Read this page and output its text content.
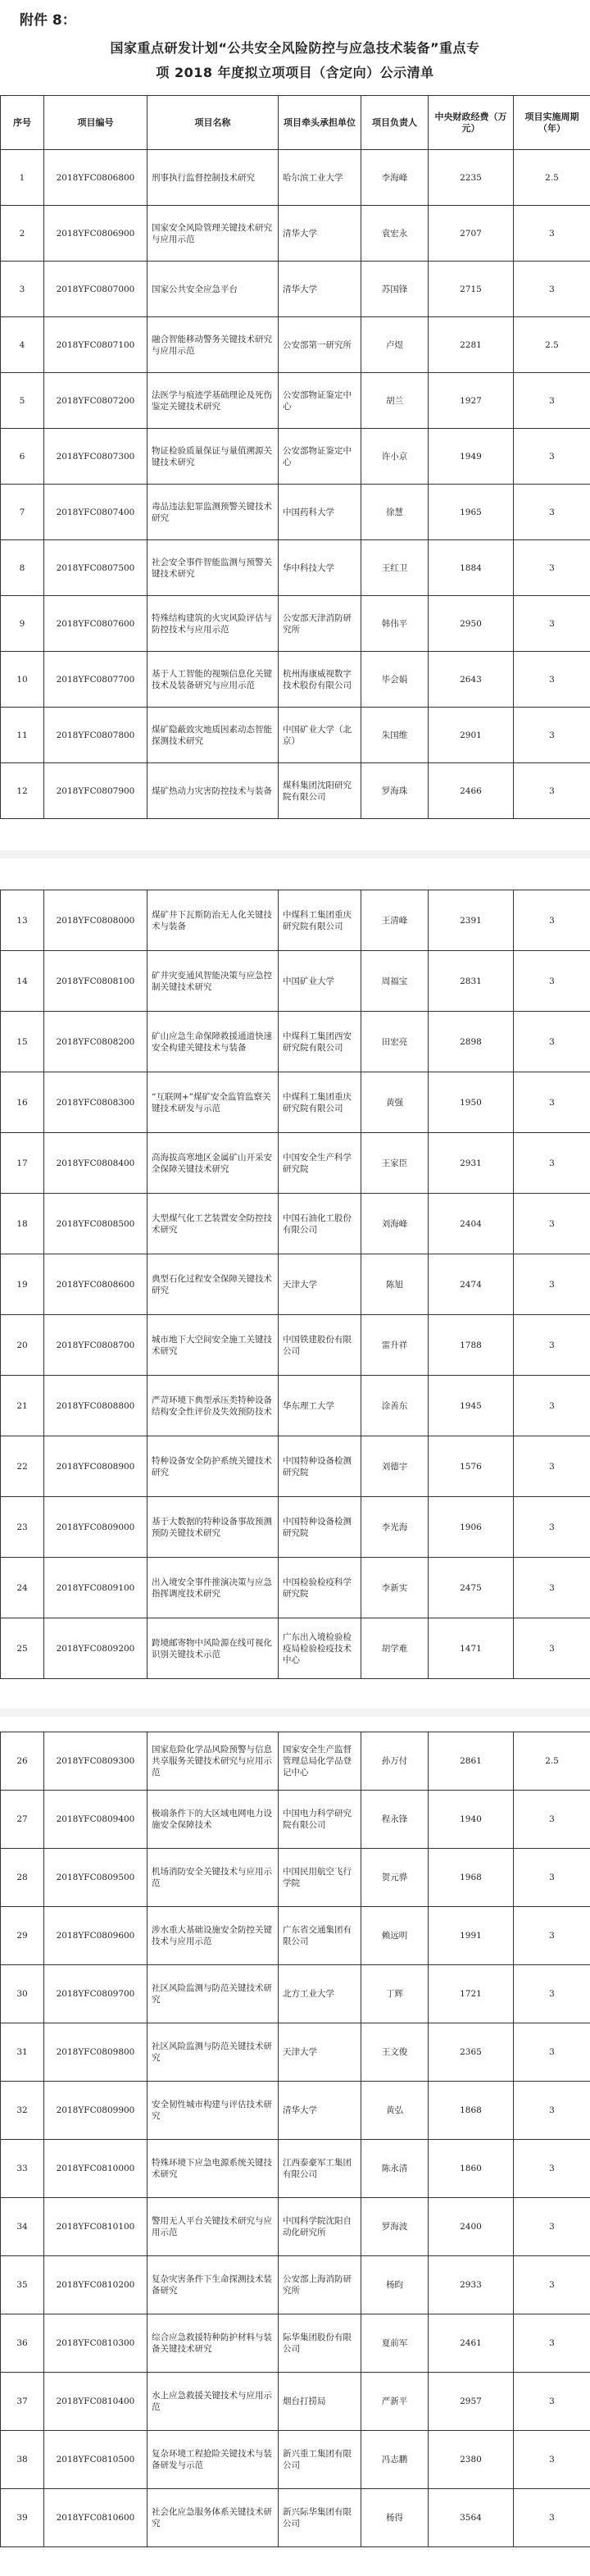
附件 8：
国家重点研发计划“公共安全风险防控与应急技术装备”重点专
项 2018 年度拟立项项目（含定向）公示清单
序号	项目编号	项目名称	项目牵头承担单位	项目负责人	中央财政经费（万元）	项目实施周期（年）
1	2018YFC0806800	刑事执行监督控制技术研究	哈尔滨工业大学	李海峰	2235	2.5
2	2018YFC0806900	国家安全风险管理关键技术研究与应用示范	清华大学	袁宏永	2707	3
3	2018YFC0807000	国家公共安全应急平台	清华大学	苏国锋	2715	3
4	2018YFC0807100	融合智能移动警务关键技术研究与应用示范	公安部第一研究所	卢煜	2281	2.5
5	2018YFC0807200	法医学与痕迹学基础理论及死伤鉴定关键技术研究	公安部物证鉴定中心	胡兰	1927	3
6	2018YFC0807300	物证检验质量保证与量值溯源关键技术研究	公安部物证鉴定中心	许小京	1949	3
7	2018YFC0807400	毒品违法犯罪监测预警关键技术研究	中国药科大学	徐慧	1965	3
8	2018YFC0807500	社会安全事件智能监测与预警关键技术研究	华中科技大学	王红卫	1884	3
9	2018YFC0807600	特殊结构建筑的火灾风险评估与防控技术与应用示范	公安部天津消防研究所	韩伟平	2950	3
10	2018YFC0807700	基于人工智能的视频信息化关键技术及装备研究与应用示范	杭州海康威视数字技术股份有限公司	毕会娟	2643	3
11	2018YFC0807800	煤矿隐蔽致灾地质因素动态智能探测技术研究	中国矿业大学（北京）	朱国维	2901	3
12	2018YFC0807900	煤矿热动力灾害防控技术与装备	煤科集团沈阳研究院有限公司	罗海珠	2466	3
13	2018YFC0808000	煤矿井下瓦斯防治无人化关键技术与装备	中煤科工集团重庆研究院有限公司	王清峰	2391	3
14	2018YFC0808100	矿井灾变通风智能决策与应急控制关键技术研究	中国矿业大学	周福宝	2831	3
15	2018YFC0808200	矿山应急生命保障救援通道快速安全构建关键技术与装备	中煤科工集团西安研究院有限公司	田宏亮	2898	3
16	2018YFC0808300	“互联网+”煤矿安全监管监察关键技术研发与示范	中煤科工集团重庆研究院有限公司	黄强	1950	3
17	2018YFC0808400	高海拔高寒地区金属矿山开采安全保障关键技术研究	中国安全生产科学研究院	王家臣	2931	3
18	2018YFC0808500	大型煤气化工艺装置安全防控技术研究	中国石油化工股份有限公司	刘海峰	2404	3
19	2018YFC0808600	典型石化过程安全保障关键技术研究	天津大学	陈旭	2474	3
20	2018YFC0808700	城市地下大空间安全施工关键技术研究	中国铁建股份有限公司	雷升祥	1788	3
21	2018YFC0808800	严苛环境下典型承压类特种设备结构安全性评价及失效预防技术	华东理工大学	涂善东	1945	3
22	2018YFC0808900	特种设备安全防护系统关键技术研究	中国特种设备检测研究院	刘德宇	1576	3
23	2018YFC0809000	基于大数据的特种设备事故预测预防关键技术研究	中国特种设备检测研究院	李光海	1906	3
24	2018YFC0809100	出入境安全事件推演决策与应急指挥调度技术研究	中国检验检疫科学研究院	李新实	2475	3
25	2018YFC0809200	跨境邮寄物中风险源在线可视化识别关键技术示范	广东出入境检验检疫局检验检疫技术中心	胡学难	1471	3
26	2018YFC0809300	国家危险化学品风险预警与信息共享服务关键技术研究与应用示范	国家安全生产监督管理总局化学品登记中心	孙万付	2861	2.5
27	2018YFC0809400	极端条件下的大区域电网电力设施安全保障技术	中国电力科学研究院有限公司	程永锋	1940	3
28	2018YFC0809500	机场消防安全关键技术与应用示范	中国民用航空飞行学院	贺元骅	1968	3
29	2018YFC0809600	涉水重大基础设施安全防控关键技术与应用示范	广东省交通集团有限公司	赖远明	1991	3
30	2018YFC0809700	社区风险监测与防范关键技术研究	北方工业大学	丁辉	1721	3
31	2018YFC0809800	社区风险监测与防范关键技术研究	天津大学	王文俊	2365	3
32	2018YFC0809900	安全韧性城市构建与评估技术研究	清华大学	黄弘	1868	3
33	2018YFC0810000	特殊环境下应急电源系统关键技术研究	江西泰豪军工集团有限公司	陈永清	1860	3
34	2018YFC0810100	警用无人平台关键技术研究与应用示范	中国科学院沈阳自动化研究所	罗海波	2400	3
35	2018YFC0810200	复杂灾害条件下生命探测技术装备研究	公安部上海消防研究所	杨昀	2933	3
36	2018YFC0810300	综合应急救援特种防护材料与装备关键技术研究	际华集团股份有限公司	夏前军	2461	3
37	2018YFC0810400	水上应急救援关键技术与应用示范	烟台打捞局	严新平	2957	3
38	2018YFC0810500	复杂环境工程抢险关键技术与装备研发与示范	新兴重工集团有限公司	冯志鹏	2380	3
39	2018YFC0810600	社会化应急服务体系关键技术研究	新兴际华集团有限公司	杨得	3564	3
